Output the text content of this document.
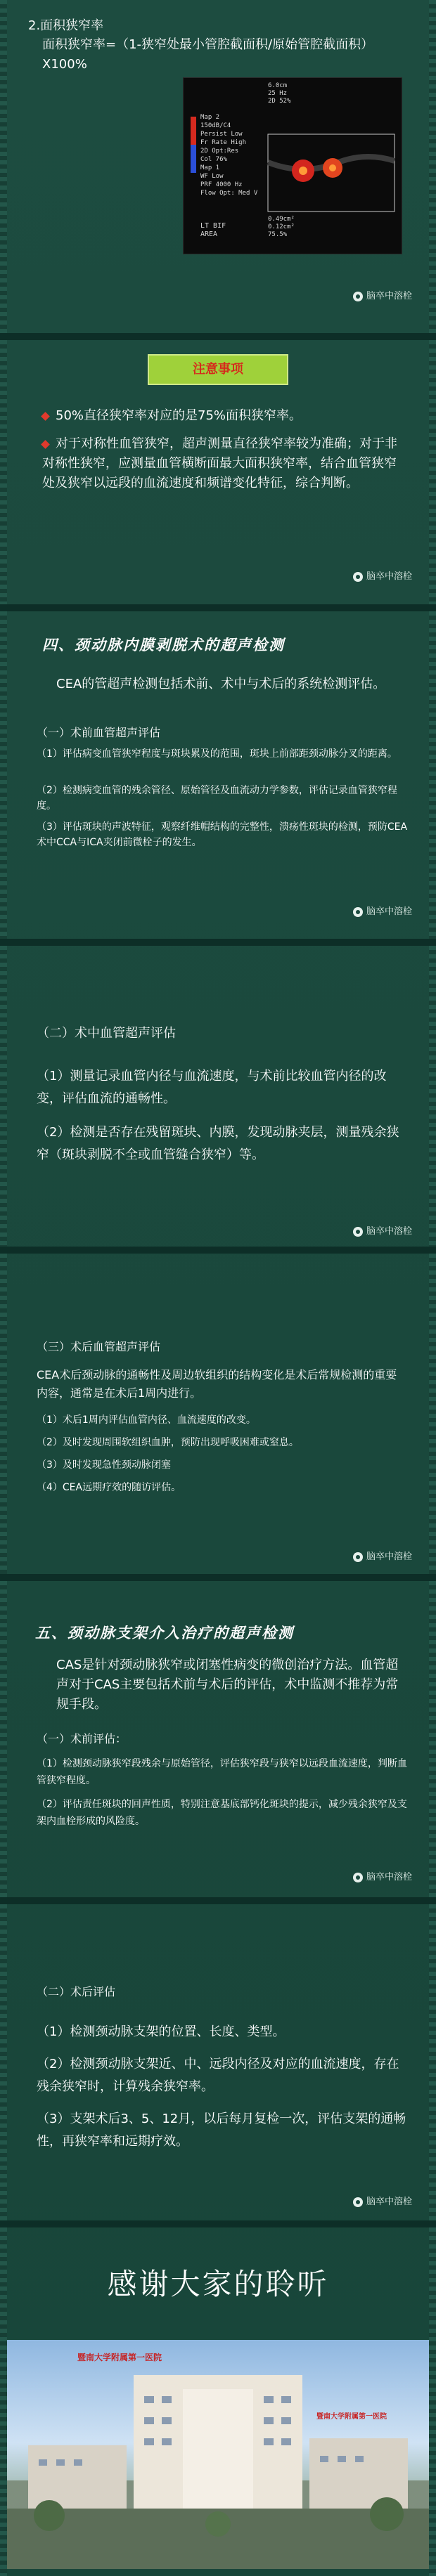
2.面积狭窄率
面积狭窄率=（1-狭窄处最小管腔截面积/原始管腔截面积）X100%
6.0cm
25 Hz
2D 52%
Map 2
150dB/C4
Persist Low
Fr Rate High
2D Opt:Res
Col 76%
Map 1
WF Low
PRF 4000 Hz
Flow Opt: Med V
LT BIF
AREA
0.49cm²
0.12cm²
75.5%
脑卒中溶栓
注意事项
50%直径狭窄率对应的是75%面积狭窄率。
对于对称性血管狭窄，超声测量直径狭窄率较为准确；对于非对称性狭窄，应测量血管横断面最大面积狭窄率，结合血管狭窄处及狭窄以远段的血流速度和频谱变化特征，综合判断。
脑卒中溶栓
四、颈动脉内膜剥脱术的超声检测
CEA的管超声检测包括术前、术中与术后的系统检测评估。
（一）术前血管超声评估
（1）评估病变血管狭窄程度与斑块累及的范围，斑块上前部距颈动脉分叉的距离。
（2）检测病变血管的残余管径、原始管径及血流动力学参数，评估记录血管狭窄程度。
（3）评估斑块的声波特征，观察纤维帽结构的完整性，溃疡性斑块的检测，预防CEA术中CCA与ICA夹闭前微栓子的发生。
脑卒中溶栓
（二）术中血管超声评估
（1）测量记录血管内径与血流速度，与术前比较血管内径的改变，评估血流的通畅性。
（2）检测是否存在残留斑块、内膜，发现动脉夹层，测量残余狭窄（斑块剥脱不全或血管缝合狭窄）等。
脑卒中溶栓
（三）术后血管超声评估
CEA术后颈动脉的通畅性及周边软组织的结构变化是术后常规检测的重要内容，通常是在术后1周内进行。
（1）术后1周内评估血管内径、血流速度的改变。
（2）及时发现周围软组织血肿，预防出现呼吸困难或窒息。
（3）及时发现急性颈动脉闭塞
（4）CEA远期疗效的随访评估。
脑卒中溶栓
五、颈动脉支架介入治疗的超声检测
CAS是针对颈动脉狭窄或闭塞性病变的微创治疗方法。血管超声对于CAS主要包括术前与术后的评估，术中监测不推荐为常规手段。
（一）术前评估：
（1）检测颈动脉狭窄段残余与原始管径，评估狭窄段与狭窄以远段血流速度，判断血管狭窄程度。
（2）评估责任斑块的回声性质，特别注意基底部钙化斑块的提示，减少残余狭窄及支架内血栓形成的风险度。
脑卒中溶栓
（二）术后评估
（1）检测颈动脉支架的位置、长度、类型。
（2）检测颈动脉支架近、中、远段内径及对应的血流速度，存在残余狭窄时，计算残余狭窄率。
（3）支架术后3、5、12月，以后每月复检一次，评估支架的通畅性，再狭窄率和远期疗效。
脑卒中溶栓
感谢大家的聆听
暨南大学附属第一医院
暨南大学附属第一医院
